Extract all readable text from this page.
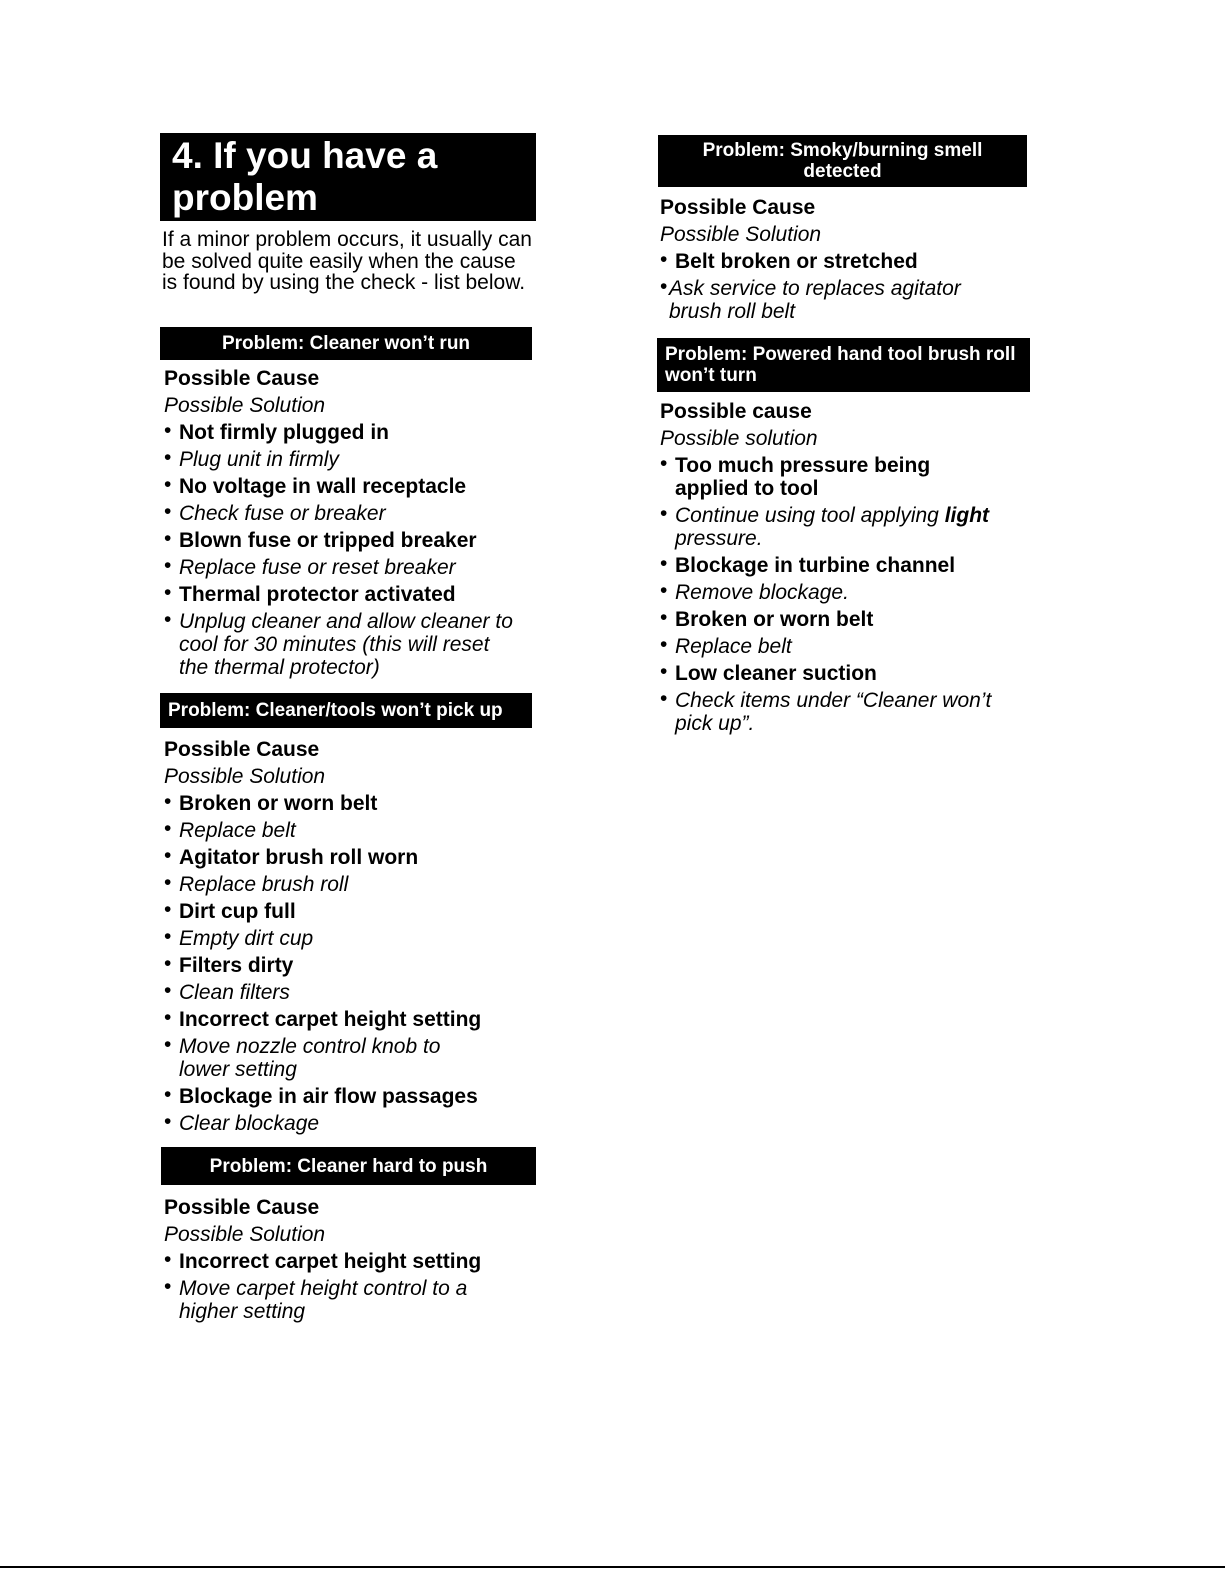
4. If you have a problem
If a minor problem occurs, it usually can be solved quite easily when the cause is found by using the check - list below.
Problem: Cleaner won’t run
Possible Cause
Possible Solution
• Not firmly plugged in
• Plug unit in firmly
• No voltage in wall receptacle
• Check fuse or breaker
• Blown fuse or tripped breaker
• Replace fuse or reset breaker
• Thermal protector activated
• Unplug cleaner and allow cleaner to cool for 30 minutes (this will reset the thermal protector)
Problem: Cleaner/tools won’t pick up
Possible Cause
Possible Solution
• Broken or worn belt
• Replace belt
• Agitator brush roll worn
• Replace brush roll
• Dirt cup full
• Empty dirt cup
• Filters dirty
• Clean filters
• Incorrect carpet height setting
• Move nozzle control knob to lower setting
• Blockage in air flow passages
• Clear blockage
Problem: Cleaner hard to push
Possible Cause
Possible Solution
• Incorrect carpet height setting
• Move carpet height control to a higher setting
Problem: Smoky/burning smell detected
Possible Cause
Possible Solution
• Belt broken or stretched
• Ask service to replaces agitator brush roll belt
Problem: Powered hand tool brush roll won’t turn
Possible cause
Possible solution
• Too much pressure being applied to tool
• Continue using tool applying light pressure.
• Blockage in turbine channel
• Remove blockage.
• Broken or worn belt
• Replace belt
• Low cleaner suction
• Check items under “Cleaner won’t pick up”.
